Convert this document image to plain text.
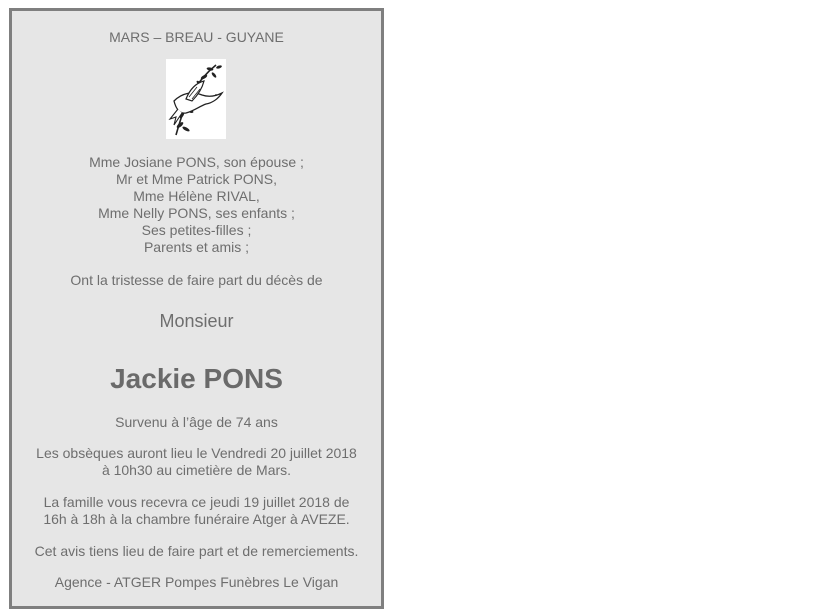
MARS – BREAU - GUYANE
Mme Josiane PONS, son épouse ;
Mr et Mme Patrick PONS,
Mme Hélène RIVAL,
Mme Nelly PONS, ses enfants ;
Ses petites-filles ;
Parents et amis ;
Ont la tristesse de faire part du décès de
Monsieur
Jackie PONS
Survenu à l’âge de 74 ans
Les obsèques auront lieu le Vendredi 20 juillet 2018
à 10h30 au cimetière de Mars.
La famille vous recevra ce jeudi 19 juillet 2018 de
16h à 18h à la chambre funéraire Atger à AVEZE.
Cet avis tiens lieu de faire part et de remerciements.
Agence - ATGER Pompes Funèbres Le Vigan
